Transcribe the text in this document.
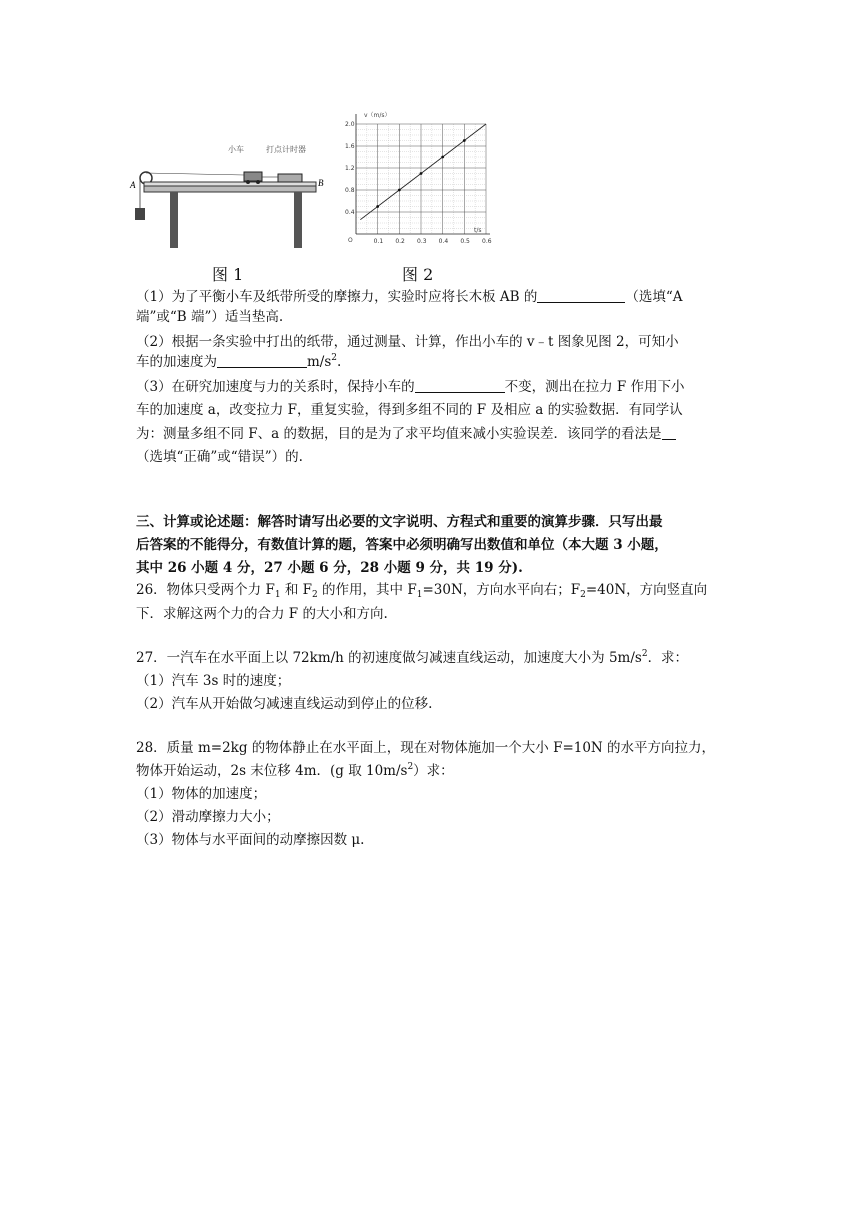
小车	打点计时器
A	B
图 1
0.4
0.8
1.2
1.6
2.0
0.1 0.2 0.3 0.4 0.5 0.6
v（m/s）
t/s
O
图 2
（1）为了平衡小车及纸带所受的摩擦力，实验时应将长木板 AB 的	（选填“A
端”或“B 端”）适当垫高.
（2）根据一条实验中打出的纸带，通过测量、计算，作出小车的 v﹣t 图象见图 2，可知小
车的加速度为	$m/s^2$.
（3）在研究加速度与力的关系时，保持小车的	不变，测出在拉力 F 作用下小
车的加速度 a，改变拉力 F，重复实验，得到多组不同的 F 及相应 a 的实验数据．有同学认
为：测量多组不同 F、a 的数据，目的是为了求平均值来减小实验误差．该同学的看法是
（选填“正确”或“错误”）的.
三、计算或论述题：解答时请写出必要的文字说明、方程式和重要的演算步骤．只写出最
后答案的不能得分，有数值计算的题，答案中必须明确写出数值和单位（本大题 3 小题，
其中 26 小题 4 分，27 小题 6 分，28 小题 9 分，共 19 分).
26．物体只受两个力 $F_1$ 和 $F_2$ 的作用，其中 $F_1=30N$，方向水平向右；$F_2=40N$，方向竖直向
下．求解这两个力的合力 F 的大小和方向.
27．一汽车在水平面上以 72km/h 的初速度做匀减速直线运动，加速度大小为 $5m/s^2$．求：
（1）汽车 3s 时的速度；
（2）汽车从开始做匀减速直线运动到停止的位移.
28．质量 m=2kg 的物体静止在水平面上，现在对物体施加一个大小 F=10N 的水平方向拉力，
物体开始运动，2s 末位移 4m．(g 取 $10m/s^2$）求：
（1）物体的加速度；
（2）滑动摩擦力大小；
（3）物体与水平面间的动摩擦因数 μ.
